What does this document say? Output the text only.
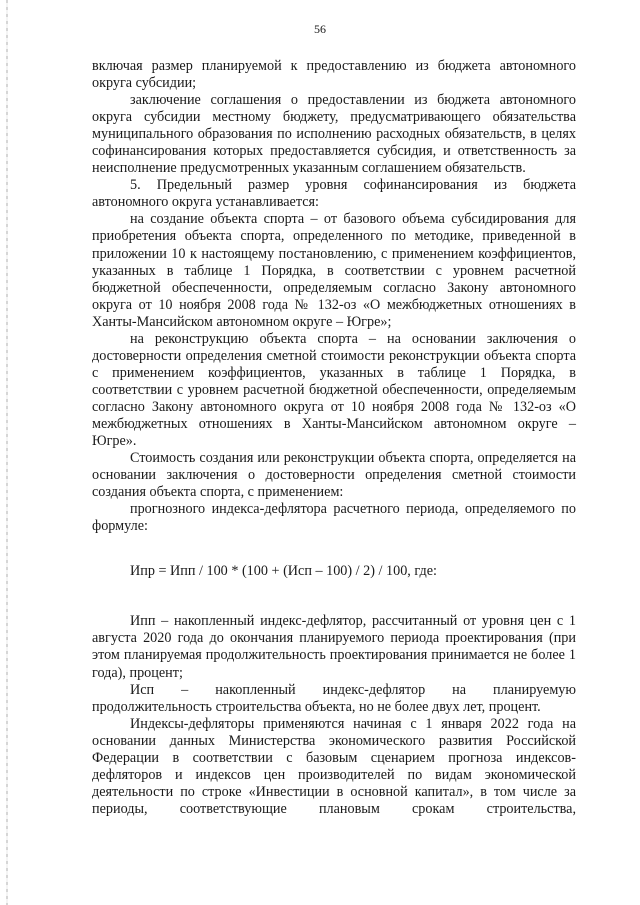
56

включая размер планируемой к предоставлению из бюджета автономного округа субсидии;

заключение соглашения о предоставлении из бюджета автономного округа субсидии местному бюджету, предусматривающего обязательства муниципального образования по исполнению расходных обязательств, в целях софинансирования которых предоставляется субсидия, и ответственность за неисполнение предусмотренных указанным соглашением обязательств.

5. Предельный размер уровня софинансирования из бюджета автономного округа устанавливается:

на создание объекта спорта – от базового объема субсидирования для приобретения объекта спорта, определенного по методике, приведенной в приложении 10 к настоящему постановлению, с применением коэффициентов, указанных в таблице 1 Порядка, в соответствии с уровнем расчетной бюджетной обеспеченности, определяемым согласно Закону автономного округа от 10 ноября 2008 года № 132-оз «О межбюджетных отношениях в Ханты-Мансийском автономном округе – Югре»;

на реконструкцию объекта спорта – на основании заключения о достоверности определения сметной стоимости реконструкции объекта спорта с применением коэффициентов, указанных в таблице 1 Порядка, в соответствии с уровнем расчетной бюджетной обеспеченности, определяемым согласно Закону автономного округа от 10 ноября 2008 года № 132-оз «О межбюджетных отношениях в Ханты-Мансийском автономном округе – Югре».

Стоимость создания или реконструкции объекта спорта, определяется на основании заключения о достоверности определения сметной стоимости создания объекта спорта, с применением:

прогнозного индекса-дефлятора расчетного периода, определяемого по формуле:

Ипр = Ипп / 100 * (100 + (Исп – 100) / 2) / 100, где:

Ипп – накопленный индекс-дефлятор, рассчитанный от уровня цен с 1 августа 2020 года до окончания планируемого периода проектирования (при этом планируемая продолжительность проектирования принимается не более 1 года), процент;

Исп – накопленный индекс-дефлятор на планируемую продолжительность строительства объекта, но не более двух лет, процент.

Индексы-дефляторы применяются начиная с 1 января 2022 года на основании данных Министерства экономического развития Российской Федерации в соответствии с базовым сценарием прогноза индексов-дефляторов и индексов цен производителей по видам экономической деятельности по строке «Инвестиции в основной капитал», в том числе за периоды, соответствующие плановым срокам строительства,
